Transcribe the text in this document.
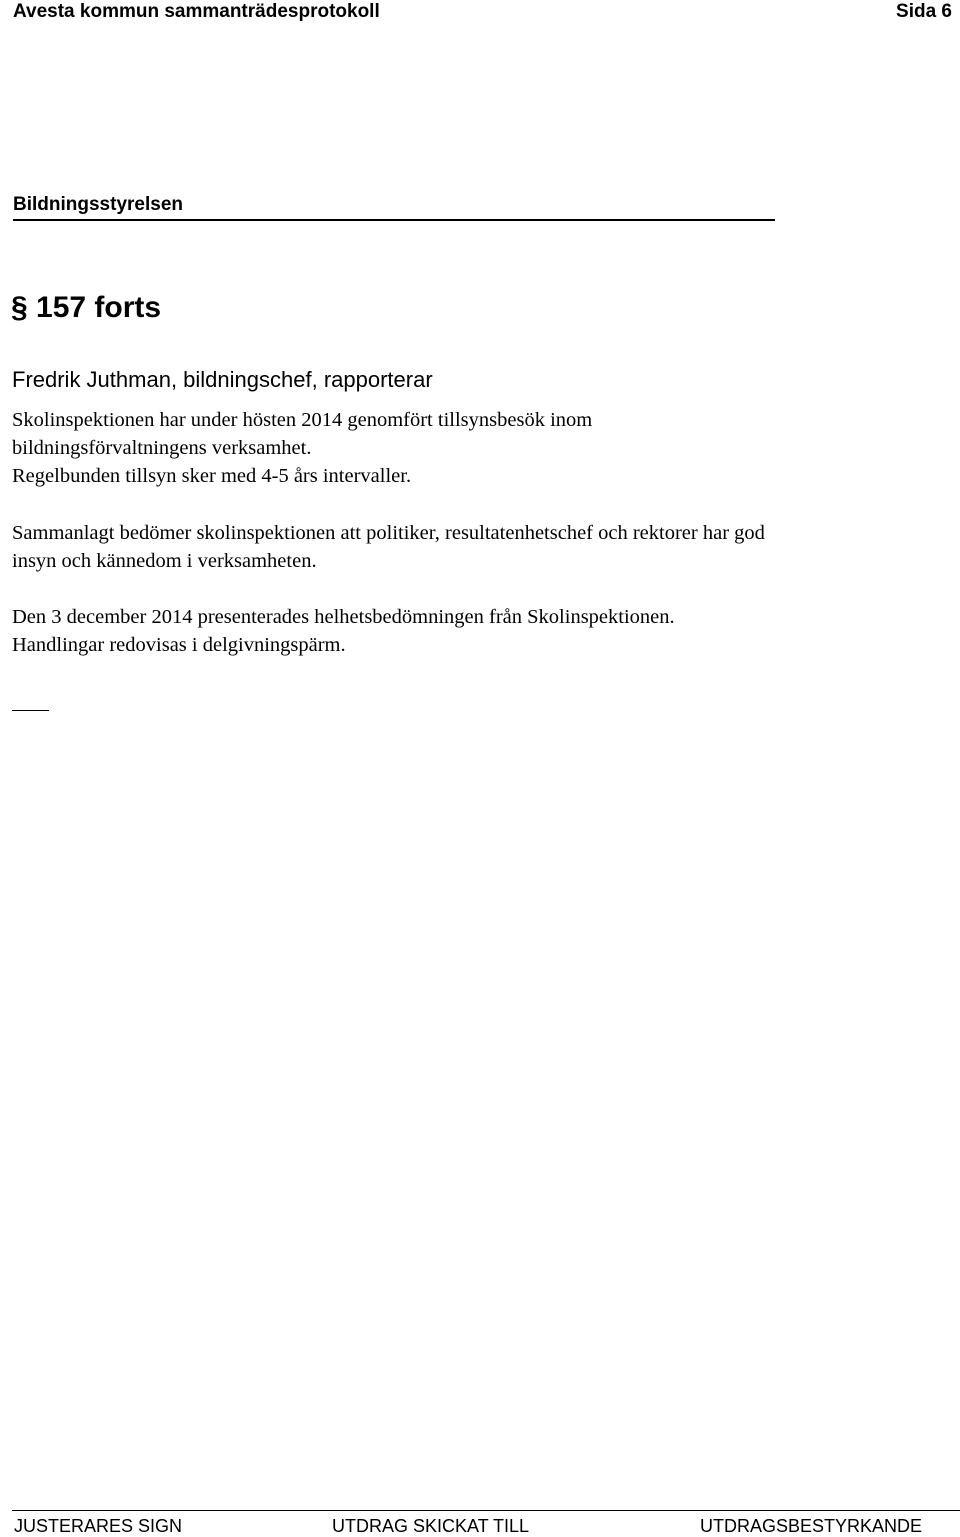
Avesta kommun sammanträdesprotokoll	Sida 6
Bildningsstyrelsen
§ 157 forts
Fredrik Juthman, bildningschef, rapporterar
Skolinspektionen har under hösten 2014 genomfört tillsynsbesök inom
bildningsförvaltningens verksamhet.
Regelbunden tillsyn sker med 4-5 års intervaller.
Sammanlagt bedömer skolinspektionen att politiker, resultatenhetschef och rektorer har god
insyn och kännedom i verksamheten.
Den 3 december 2014 presenterades helhetsbedömningen från Skolinspektionen.
Handlingar redovisas i delgivningspärm.
JUSTERARES SIGN	UTDRAG SKICKAT TILL	UTDRAGSBESTYRKANDE
